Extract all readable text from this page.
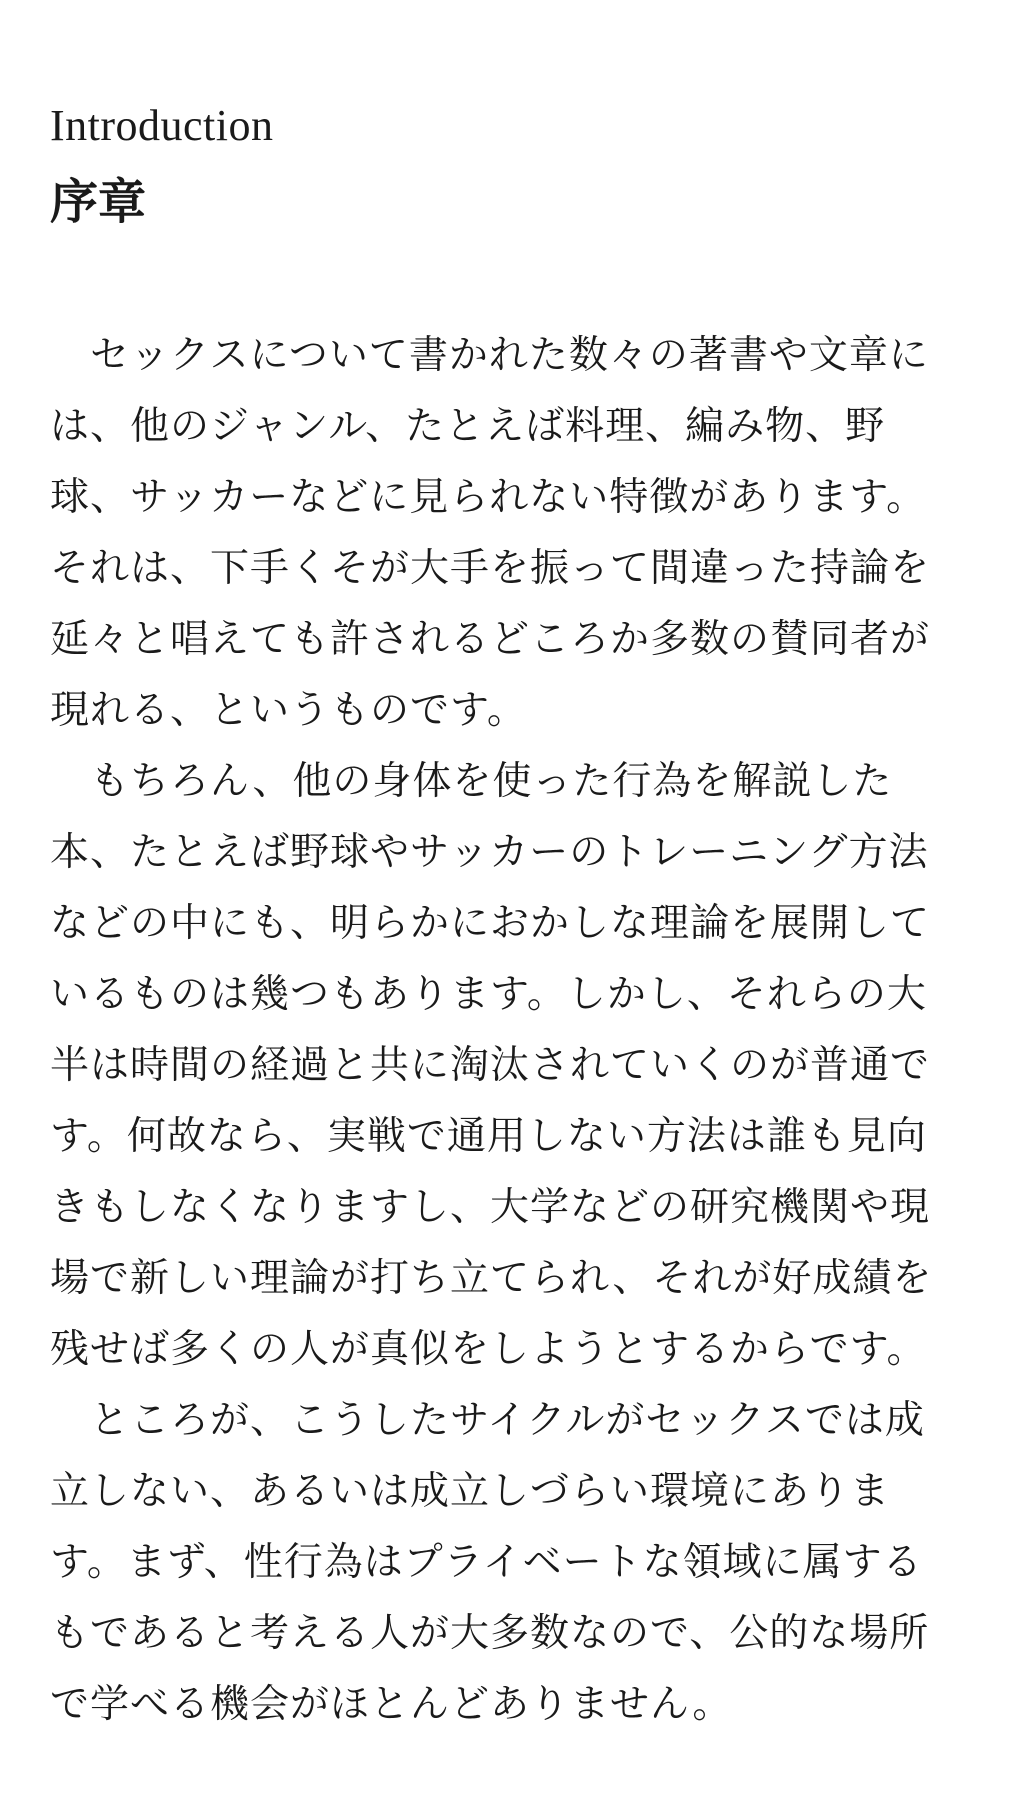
Introduction
序章
　セックスについて書かれた数々の著書や文章に
は、他のジャンル、たとえば料理、編み物、野
球、サッカーなどに見られない特徴があります。
それは、下手くそが大手を振って間違った持論を
延々と唱えても許されるどころか多数の賛同者が
現れる、というものです。
　もちろん、他の身体を使った行為を解説した
本、たとえば野球やサッカーのトレーニング方法
などの中にも、明らかにおかしな理論を展開して
いるものは幾つもあります。しかし、それらの大
半は時間の経過と共に淘汰されていくのが普通で
す。何故なら、実戦で通用しない方法は誰も見向
きもしなくなりますし、大学などの研究機関や現
場で新しい理論が打ち立てられ、それが好成績を
残せば多くの人が真似をしようとするからです。
　ところが、こうしたサイクルがセックスでは成
立しない、あるいは成立しづらい環境にありま
す。まず、性行為はプライベートな領域に属する
もであると考える人が大多数なので、公的な場所
で学べる機会がほとんどありません。
